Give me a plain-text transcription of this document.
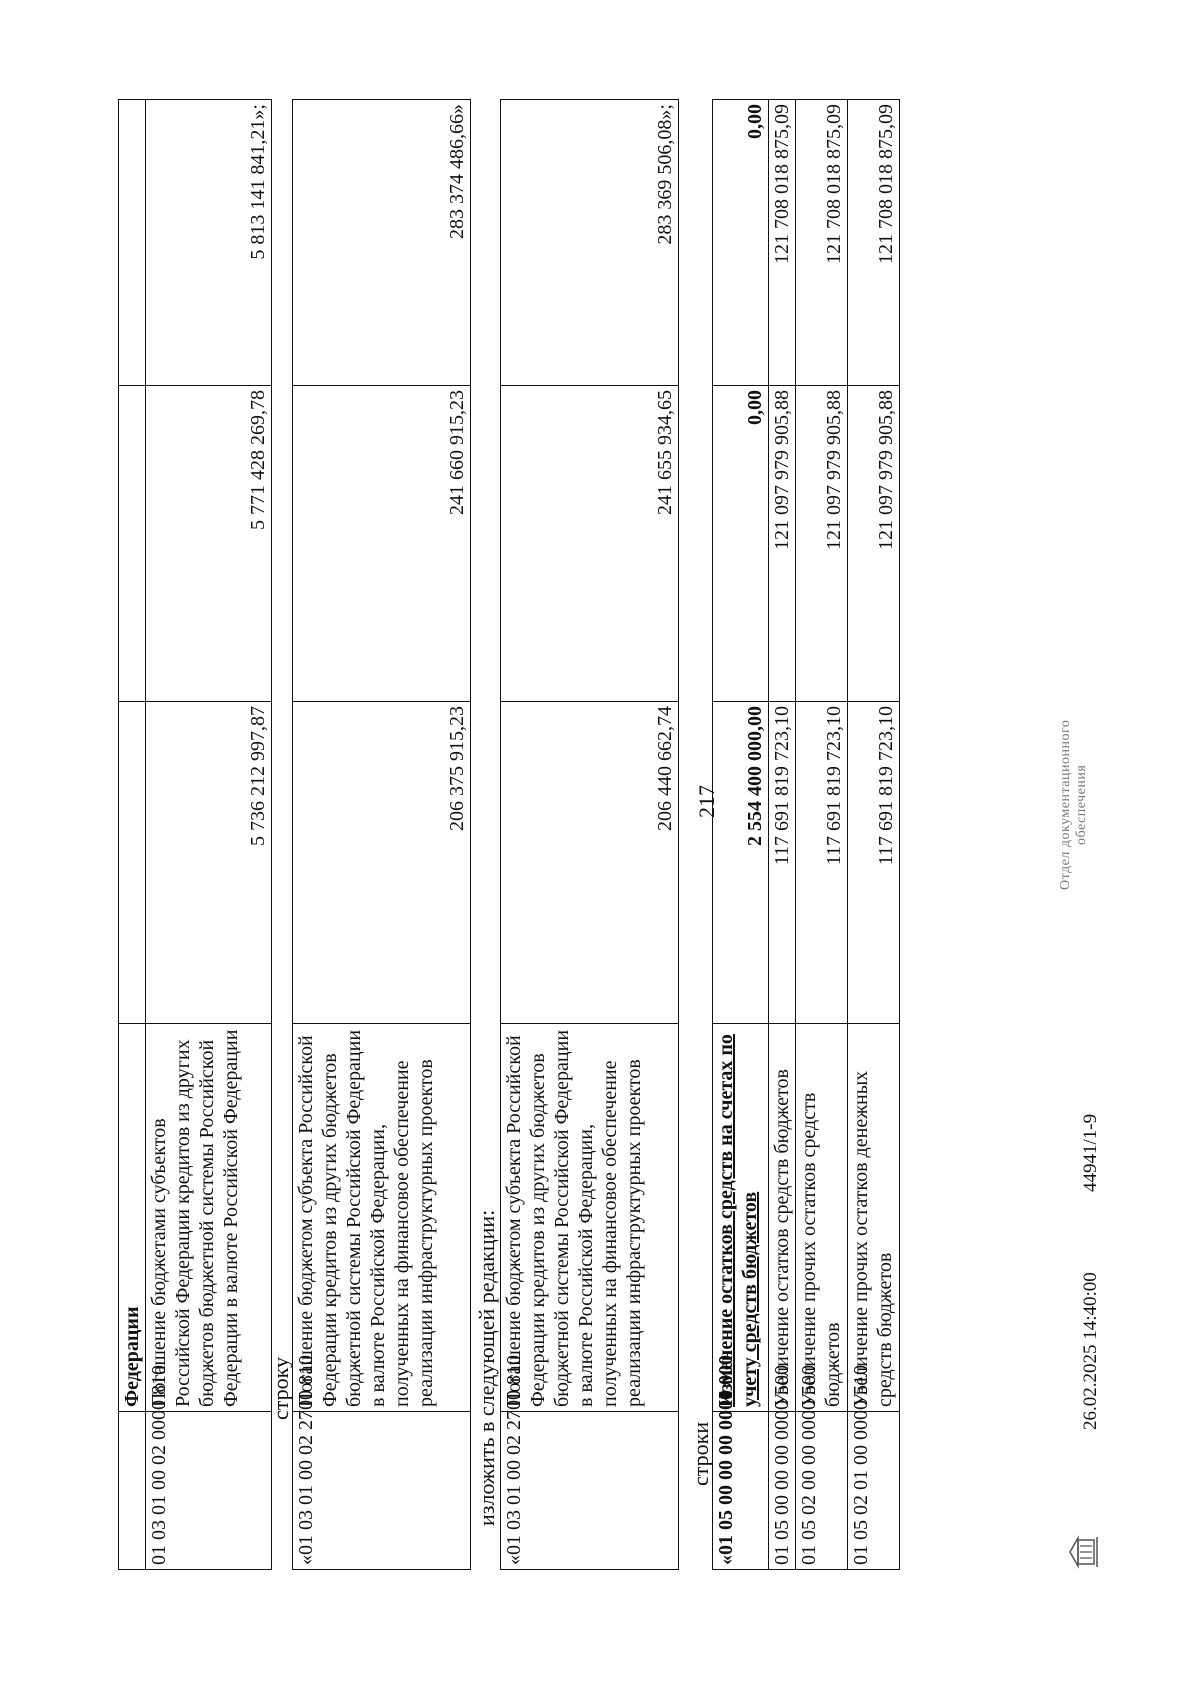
	Федерации			
01 03 01 00 02 0000 810	Погашение бюджетами субъектов Российской Федерации кредитов из других бюджетов бюджетной системы Российской Федерации в валюте Российской Федерации	5 736 212 997,87	5 771 428 269,78	5 813 141 841,21»;
строку «01 03 01 00 02 2700 810	Погашение бюджетом субъекта Российской Федерации кредитов из других бюджетов бюджетной системы Российской Федерации в валюте Российской Федерации, полученных на финансовое обеспечение реализации инфраструктурных проектов	206 375 915,23	241 660 915,23	283 374 486,66»
изложить в следующей редакции: «01 03 01 00 02 2700 810	Погашение бюджетом субъекта Российской Федерации кредитов из других бюджетов бюджетной системы Российской Федерации в валюте Российской Федерации, полученных на финансовое обеспечение реализации инфраструктурных проектов	206 440 662,74	241 655 934,65	283 369 506,08»;
строки «01 05 00 00 00 0000 000	Изменение остатков средств на счетах по учету средств бюджетов	2 554 400 000,00	0,00	0,00
01 05 00 00 00 0000 500	Увеличение остатков средств бюджетов	117 691 819 723,10	121 097 979 905,88	121 708 018 875,09
01 05 02 00 00 0000 500	Увеличение прочих остатков средств бюджетов	117 691 819 723,10	121 097 979 905,88	121 708 018 875,09
01 05 02 01 00 0000 510	Увеличение прочих остатков денежных средств бюджетов	117 691 819 723,10	121 097 979 905,88	121 708 018 875,09
26.02.2025 14:40:00
44941/1-9
Отдел документационного обеспечения
217
